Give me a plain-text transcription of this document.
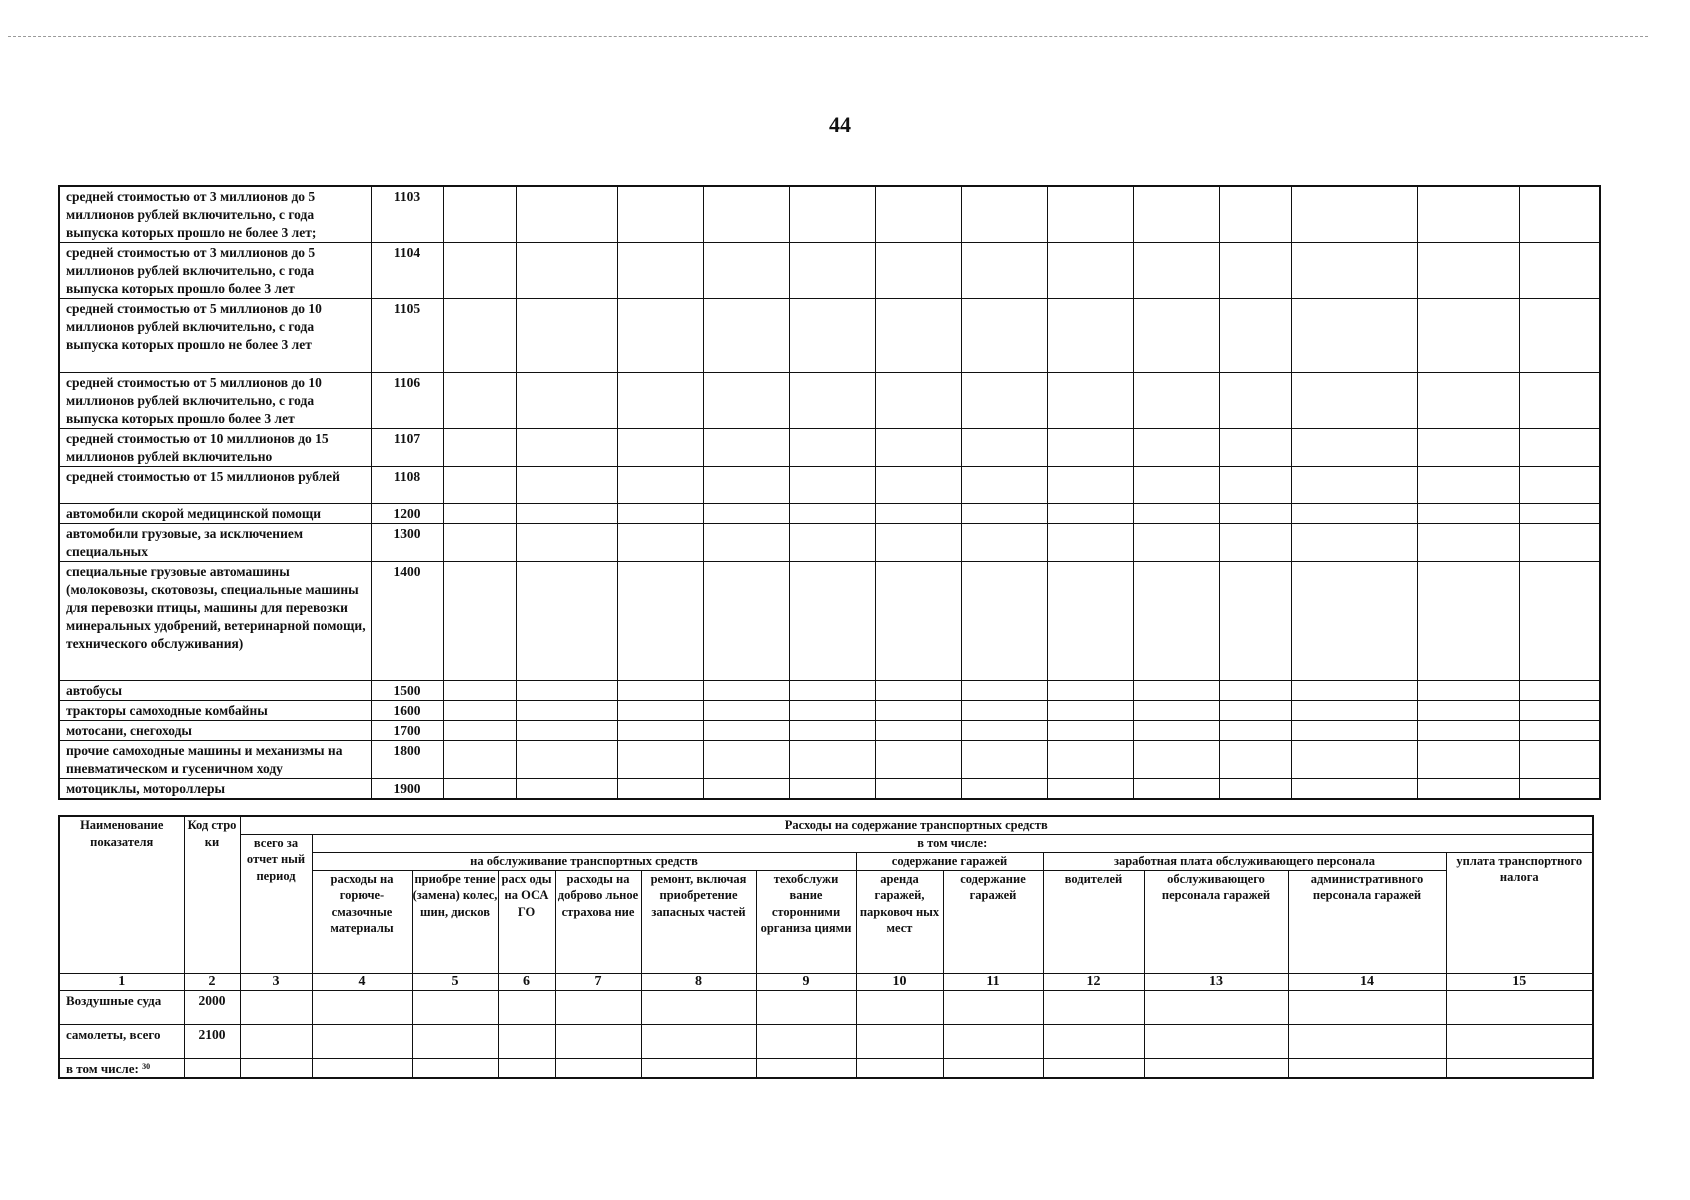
44
средней стоимостью от 3 миллионов до 5 миллионов рублей включительно, с года выпуска которых прошло не более 3 лет;	1103													
средней стоимостью от 3 миллионов до 5 миллионов рублей включительно, с года выпуска которых прошло более 3 лет	1104													
средней стоимостью от 5 миллионов до 10 миллионов рублей включительно, с года выпуска которых прошло не более 3 лет	1105													
средней стоимостью от 5 миллионов до 10 миллионов рублей включительно, с года выпуска которых прошло более 3 лет	1106													
средней стоимостью от 10 миллионов до 15 миллионов рублей включительно	1107													
средней стоимостью от 15 миллионов рублей	1108													
автомобили скорой медицинской помощи	1200													
автомобили грузовые, за исключением специальных	1300													
специальные грузовые автомашины (молоковозы, скотовозы, специальные машины для перевозки птицы, машины для перевозки минеральных удобрений, ветеринарной помощи, технического обслуживания)	1400													
автобусы	1500													
тракторы самоходные комбайны	1600													
мотосани, снегоходы	1700													
прочие самоходные машины и механизмы на пневматическом и гусеничном ходу	1800													
мотоциклы, мотороллеры	1900													
Наименование показателя	Код стро ки	Расходы на содержание транспортных средств												
		всего за отчет ный период	в том числе:											
			на обслуживание транспортных средств						содержание гаражей		заработная плата обслуживающего персонала			уплата транспортного налога
			расходы на горюче-смазочные материалы	приобре тение (замена) колес, шин, дисков	расх оды на ОСА ГО	расходы на доброво льное страхова ние	ремонт, включая приобретение запасных частей	техобслужи вание сторонними организа циями	аренда гаражей, парковоч ных мест	содержание гаражей	водителей	обслуживающего персонала гаражей	административного персонала гаражей	
1	2	3	4	5	6	7	8	9	10	11	12	13	14	15
Воздушные суда	2000													
самолеты, всего	2100													
в том числе: $^{30}$														
